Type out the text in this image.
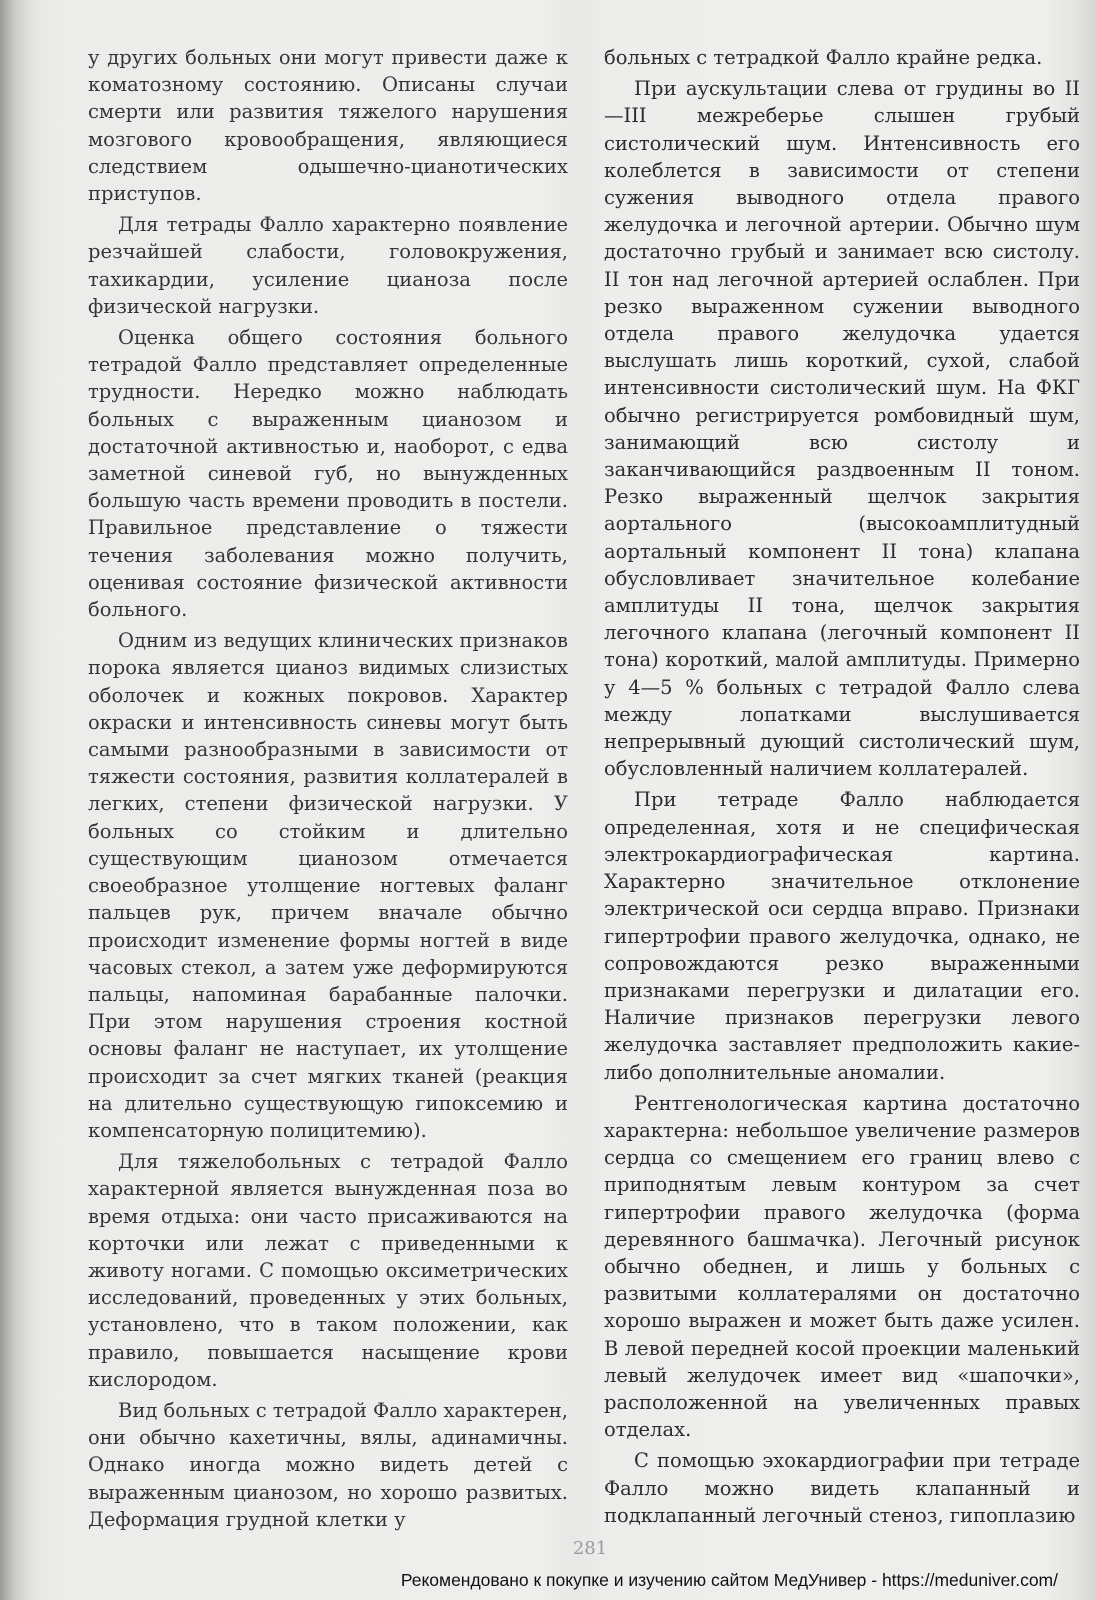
у других больных они могут привести даже к коматозному состоянию. Описаны случаи смерти или развития тяжелого нарушения мозгового кровообращения, являющиеся следствием одышечно-цианотических приступов.

Для тетрады Фалло характерно появление резчайшей слабости, головокружения, тахикардии, усиление цианоза после физической нагрузки.

Оценка общего состояния больного тетрадой Фалло представляет определенные трудности. Нередко можно наблюдать больных с выраженным цианозом и достаточной активностью и, наоборот, с едва заметной синевой губ, но вынужденных большую часть времени проводить в постели. Правильное представление о тяжести течения заболевания можно получить, оценивая состояние физической активности больного.

Одним из ведущих клинических признаков порока является цианоз видимых слизистых оболочек и кожных покровов. Характер окраски и интенсивность синевы могут быть самыми разнообразными в зависимости от тяжести состояния, развития коллатералей в легких, степени физической нагрузки. У больных со стойким и длительно существующим цианозом отмечается своеобразное утолщение ногтевых фаланг пальцев рук, причем вначале обычно происходит изменение формы ногтей в виде часовых стекол, а затем уже деформируются пальцы, напоминая барабанные палочки. При этом нарушения строения костной основы фаланг не наступает, их утолщение происходит за счет мягких тканей (реакция на длительно существующую гипоксемию и компенсаторную полицитемию).

Для тяжелобольных с тетрадой Фалло характерной является вынужденная поза во время отдыха: они часто присаживаются на корточки или лежат с приведенными к животу ногами. С помощью оксиметрических исследований, проведенных у этих больных, установлено, что в таком положении, как правило, повышается насыщение крови кислородом.

Вид больных с тетрадой Фалло характерен, они обычно кахетичны, вялы, адинамичны. Однако иногда можно видеть детей с выраженным цианозом, но хорошо развитых. Деформация грудной клетки у

больных с тетрадкой Фалло крайне редка.

При аускультации слева от грудины во II—III межреберье слышен грубый систолический шум. Интенсивность его колеблется в зависимости от степени сужения выводного отдела правого желудочка и легочной артерии. Обычно шум достаточно грубый и занимает всю систолу. II тон над легочной артерией ослаблен. При резко выраженном сужении выводного отдела правого желудочка удается выслушать лишь короткий, сухой, слабой интенсивности систолический шум. На ФКГ обычно регистрируется ромбовидный шум, занимающий всю систолу и заканчивающийся раздвоенным II тоном. Резко выраженный щелчок закрытия аортального (высокоамплитудный аортальный компонент II тона) клапана обусловливает значительное колебание амплитуды II тона, щелчок закрытия легочного клапана (легочный компонент II тона) короткий, малой амплитуды. Примерно у 4—5 % больных с тетрадой Фалло слева между лопатками выслушивается непрерывный дующий систолический шум, обусловленный наличием коллатералей.

При тетраде Фалло наблюдается определенная, хотя и не специфическая электрокардиографическая картина. Характерно значительное отклонение электрической оси сердца вправо. Признаки гипертрофии правого желудочка, однако, не сопровождаются резко выраженными признаками перегрузки и дилатации его. Наличие признаков перегрузки левого желудочка заставляет предположить какие-либо дополнительные аномалии.

Рентгенологическая картина достаточно характерна: небольшое увеличение размеров сердца со смещением его границ влево с приподнятым левым контуром за счет гипертрофии правого желудочка (форма деревянного башмачка). Легочный рисунок обычно обеднен, и лишь у больных с развитыми коллатералями он достаточно хорошо выражен и может быть даже усилен. В левой передней косой проекции маленький левый желудочек имеет вид «шапочки», расположенной на увеличенных правых отделах.

С помощью эхокардиографии при тетраде Фалло можно видеть клапанный и подклапанный легочный стеноз, гипоплазию

281
Рекомендовано к покупке и изучению сайтом МедУнивер - https://meduniver.com/
